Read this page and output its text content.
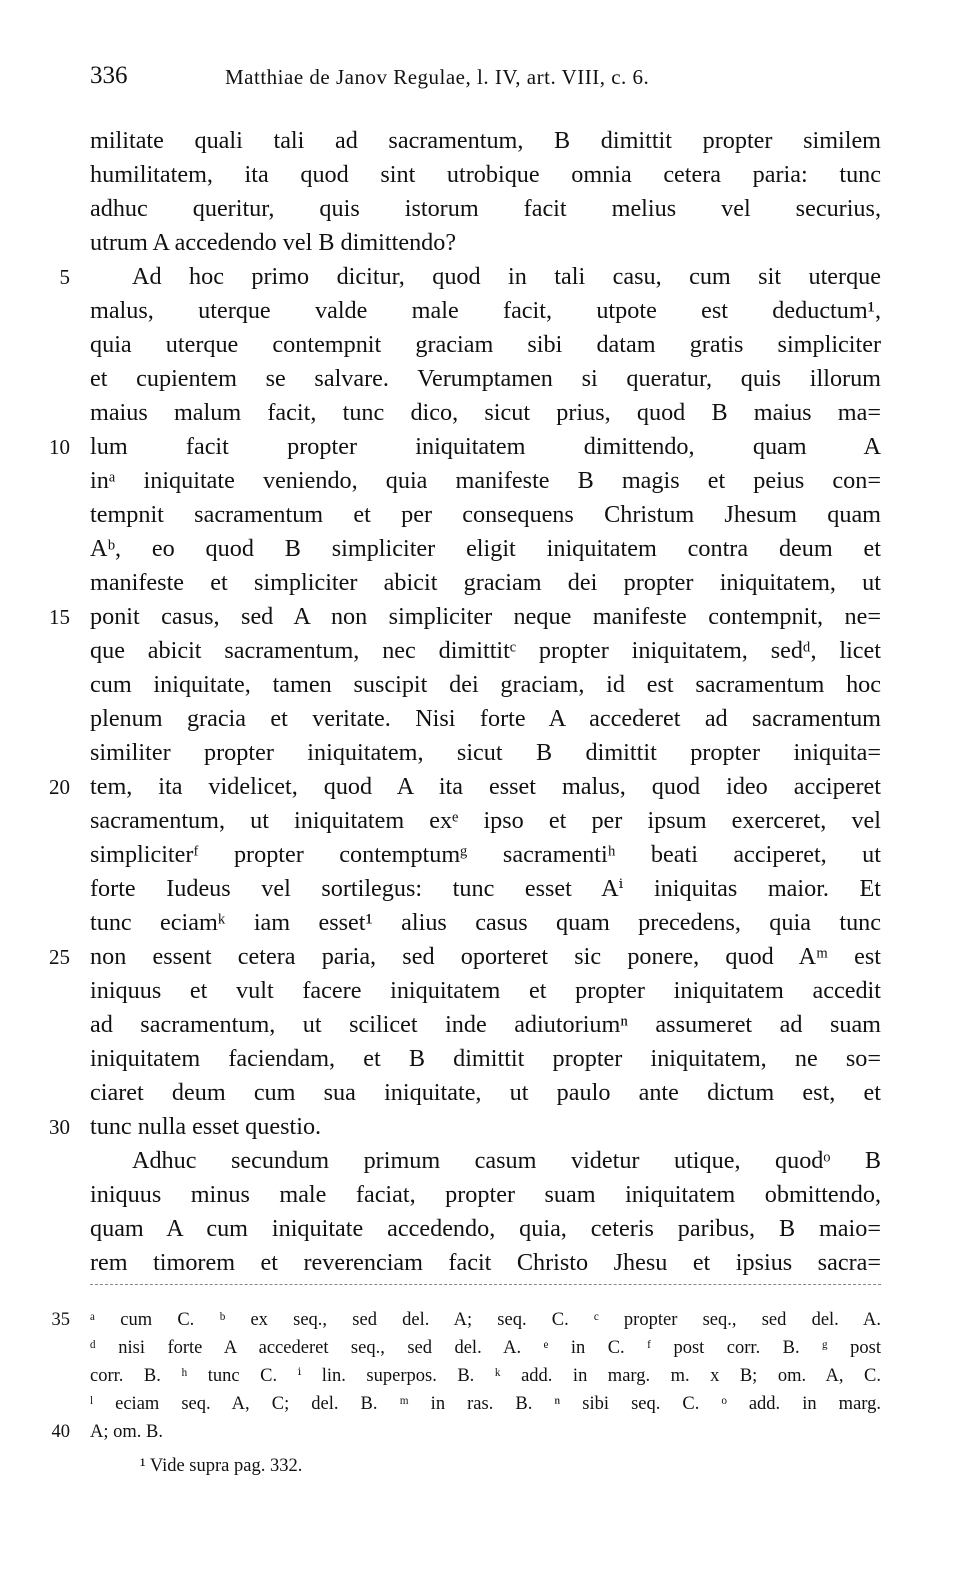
336	Matthiae de Janov Regulae, l. IV, art. VIII, c. 6.
militate quali tali ad sacramentum, B dimittit propter similem
humilitatem, ita quod sint utrobique omnia cetera paria: tunc
adhuc queritur, quis istorum facit melius vel securius,
utrum A accedendo vel B dimittendo?
Ad hoc primo dicitur, quod in tali casu, cum sit uterque
malus, uterque valde male facit, utpote est deductum¹,
quia uterque contempnit graciam sibi datam gratis simpliciter
et cupientem se salvare. Verumptamen si queratur, quis illorum
maius malum facit, tunc dico, sicut prius, quod B maius ma=
lum facit propter iniquitatem dimittendo, quam A
inᵃ iniquitate veniendo, quia manifeste B magis et peius con=
tempnit sacramentum et per consequens Christum Jhesum quam
Aᵇ, eo quod B simpliciter eligit iniquitatem contra deum et
manifeste et simpliciter abicit graciam dei propter iniquitatem, ut
ponit casus, sed A non simpliciter neque manifeste contempnit, ne=
que abicit sacramentum, nec dimittitᶜ propter iniquitatem, sedᵈ, licet
cum iniquitate, tamen suscipit dei graciam, id est sacramentum hoc
plenum gracia et veritate. Nisi forte A accederet ad sacramentum
similiter propter iniquitatem, sicut B dimittit propter iniquita=
tem, ita videlicet, quod A ita esset malus, quod ideo acciperet
sacramentum, ut iniquitatem exᵉ ipso et per ipsum exerceret, vel
simpliciterᶠ propter contemptumᵍ sacramentiʰ beati acciperet, ut
forte Iudeus vel sortilegus: tunc esset Aⁱ iniquitas maior. Et
tunc eciamᵏ iam esset¹ alius casus quam precedens, quia tunc
non essent cetera paria, sed oporteret sic ponere, quod Aᵐ est
iniquus et vult facere iniquitatem et propter iniquitatem accedit
ad sacramentum, ut scilicet inde adiutoriumⁿ assumeret ad suam
iniquitatem faciendam, et B dimittit propter iniquitatem, ne so=
ciaret deum cum sua iniquitate, ut paulo ante dictum est, et
tunc nulla esset questio.
Adhuc secundum primum casum videtur utique, quodᵒ B
iniquus minus male faciat, propter suam iniquitatem obmittendo,
quam A cum iniquitate accedendo, quia, ceteris paribus, B maio=
rem timorem et reverenciam facit Christo Jhesu et ipsius sacra=
5
10
15
20
25
30
ᵃ cum C. ᵇ ex seq., sed del. A; seq. C. ᶜ propter seq., sed del. A.
ᵈ nisi forte A accederet seq., sed del. A. ᵉ in C. ᶠ post corr. B. ᵍ post
corr. B. ʰ tunc C. ⁱ lin. superpos. B. ᵏ add. in marg. m. x B; om. A, C.
ˡ eciam seq. A, C; del. B. ᵐ in ras. B. ⁿ sibi seq. C. ᵒ add. in marg.
A; om. B.
¹ Vide supra pag. 332.
35
40
